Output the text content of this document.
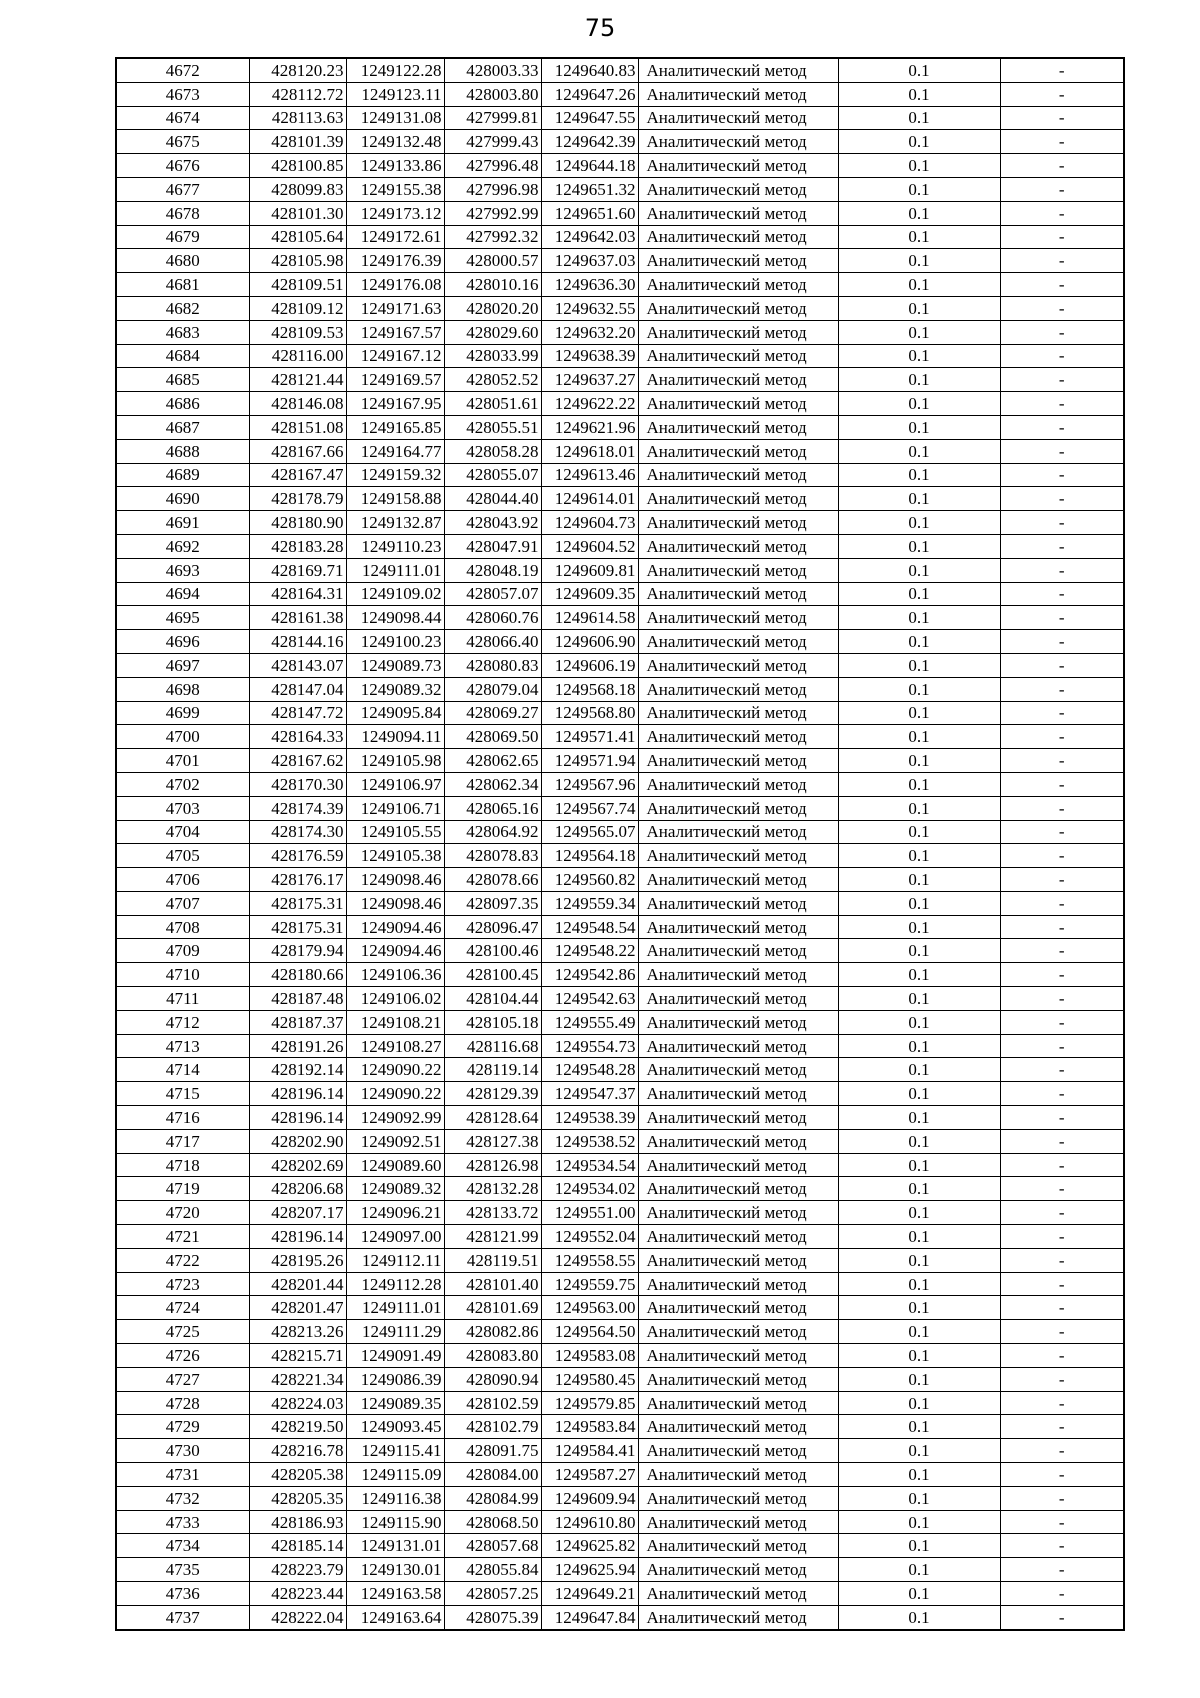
75
4672	428120.23	1249122.28	428003.33	1249640.83	Аналитический метод	0.1	-
4673	428112.72	1249123.11	428003.80	1249647.26	Аналитический метод	0.1	-
4674	428113.63	1249131.08	427999.81	1249647.55	Аналитический метод	0.1	-
4675	428101.39	1249132.48	427999.43	1249642.39	Аналитический метод	0.1	-
4676	428100.85	1249133.86	427996.48	1249644.18	Аналитический метод	0.1	-
4677	428099.83	1249155.38	427996.98	1249651.32	Аналитический метод	0.1	-
4678	428101.30	1249173.12	427992.99	1249651.60	Аналитический метод	0.1	-
4679	428105.64	1249172.61	427992.32	1249642.03	Аналитический метод	0.1	-
4680	428105.98	1249176.39	428000.57	1249637.03	Аналитический метод	0.1	-
4681	428109.51	1249176.08	428010.16	1249636.30	Аналитический метод	0.1	-
4682	428109.12	1249171.63	428020.20	1249632.55	Аналитический метод	0.1	-
4683	428109.53	1249167.57	428029.60	1249632.20	Аналитический метод	0.1	-
4684	428116.00	1249167.12	428033.99	1249638.39	Аналитический метод	0.1	-
4685	428121.44	1249169.57	428052.52	1249637.27	Аналитический метод	0.1	-
4686	428146.08	1249167.95	428051.61	1249622.22	Аналитический метод	0.1	-
4687	428151.08	1249165.85	428055.51	1249621.96	Аналитический метод	0.1	-
4688	428167.66	1249164.77	428058.28	1249618.01	Аналитический метод	0.1	-
4689	428167.47	1249159.32	428055.07	1249613.46	Аналитический метод	0.1	-
4690	428178.79	1249158.88	428044.40	1249614.01	Аналитический метод	0.1	-
4691	428180.90	1249132.87	428043.92	1249604.73	Аналитический метод	0.1	-
4692	428183.28	1249110.23	428047.91	1249604.52	Аналитический метод	0.1	-
4693	428169.71	1249111.01	428048.19	1249609.81	Аналитический метод	0.1	-
4694	428164.31	1249109.02	428057.07	1249609.35	Аналитический метод	0.1	-
4695	428161.38	1249098.44	428060.76	1249614.58	Аналитический метод	0.1	-
4696	428144.16	1249100.23	428066.40	1249606.90	Аналитический метод	0.1	-
4697	428143.07	1249089.73	428080.83	1249606.19	Аналитический метод	0.1	-
4698	428147.04	1249089.32	428079.04	1249568.18	Аналитический метод	0.1	-
4699	428147.72	1249095.84	428069.27	1249568.80	Аналитический метод	0.1	-
4700	428164.33	1249094.11	428069.50	1249571.41	Аналитический метод	0.1	-
4701	428167.62	1249105.98	428062.65	1249571.94	Аналитический метод	0.1	-
4702	428170.30	1249106.97	428062.34	1249567.96	Аналитический метод	0.1	-
4703	428174.39	1249106.71	428065.16	1249567.74	Аналитический метод	0.1	-
4704	428174.30	1249105.55	428064.92	1249565.07	Аналитический метод	0.1	-
4705	428176.59	1249105.38	428078.83	1249564.18	Аналитический метод	0.1	-
4706	428176.17	1249098.46	428078.66	1249560.82	Аналитический метод	0.1	-
4707	428175.31	1249098.46	428097.35	1249559.34	Аналитический метод	0.1	-
4708	428175.31	1249094.46	428096.47	1249548.54	Аналитический метод	0.1	-
4709	428179.94	1249094.46	428100.46	1249548.22	Аналитический метод	0.1	-
4710	428180.66	1249106.36	428100.45	1249542.86	Аналитический метод	0.1	-
4711	428187.48	1249106.02	428104.44	1249542.63	Аналитический метод	0.1	-
4712	428187.37	1249108.21	428105.18	1249555.49	Аналитический метод	0.1	-
4713	428191.26	1249108.27	428116.68	1249554.73	Аналитический метод	0.1	-
4714	428192.14	1249090.22	428119.14	1249548.28	Аналитический метод	0.1	-
4715	428196.14	1249090.22	428129.39	1249547.37	Аналитический метод	0.1	-
4716	428196.14	1249092.99	428128.64	1249538.39	Аналитический метод	0.1	-
4717	428202.90	1249092.51	428127.38	1249538.52	Аналитический метод	0.1	-
4718	428202.69	1249089.60	428126.98	1249534.54	Аналитический метод	0.1	-
4719	428206.68	1249089.32	428132.28	1249534.02	Аналитический метод	0.1	-
4720	428207.17	1249096.21	428133.72	1249551.00	Аналитический метод	0.1	-
4721	428196.14	1249097.00	428121.99	1249552.04	Аналитический метод	0.1	-
4722	428195.26	1249112.11	428119.51	1249558.55	Аналитический метод	0.1	-
4723	428201.44	1249112.28	428101.40	1249559.75	Аналитический метод	0.1	-
4724	428201.47	1249111.01	428101.69	1249563.00	Аналитический метод	0.1	-
4725	428213.26	1249111.29	428082.86	1249564.50	Аналитический метод	0.1	-
4726	428215.71	1249091.49	428083.80	1249583.08	Аналитический метод	0.1	-
4727	428221.34	1249086.39	428090.94	1249580.45	Аналитический метод	0.1	-
4728	428224.03	1249089.35	428102.59	1249579.85	Аналитический метод	0.1	-
4729	428219.50	1249093.45	428102.79	1249583.84	Аналитический метод	0.1	-
4730	428216.78	1249115.41	428091.75	1249584.41	Аналитический метод	0.1	-
4731	428205.38	1249115.09	428084.00	1249587.27	Аналитический метод	0.1	-
4732	428205.35	1249116.38	428084.99	1249609.94	Аналитический метод	0.1	-
4733	428186.93	1249115.90	428068.50	1249610.80	Аналитический метод	0.1	-
4734	428185.14	1249131.01	428057.68	1249625.82	Аналитический метод	0.1	-
4735	428223.79	1249130.01	428055.84	1249625.94	Аналитический метод	0.1	-
4736	428223.44	1249163.58	428057.25	1249649.21	Аналитический метод	0.1	-
4737	428222.04	1249163.64	428075.39	1249647.84	Аналитический метод	0.1	-
